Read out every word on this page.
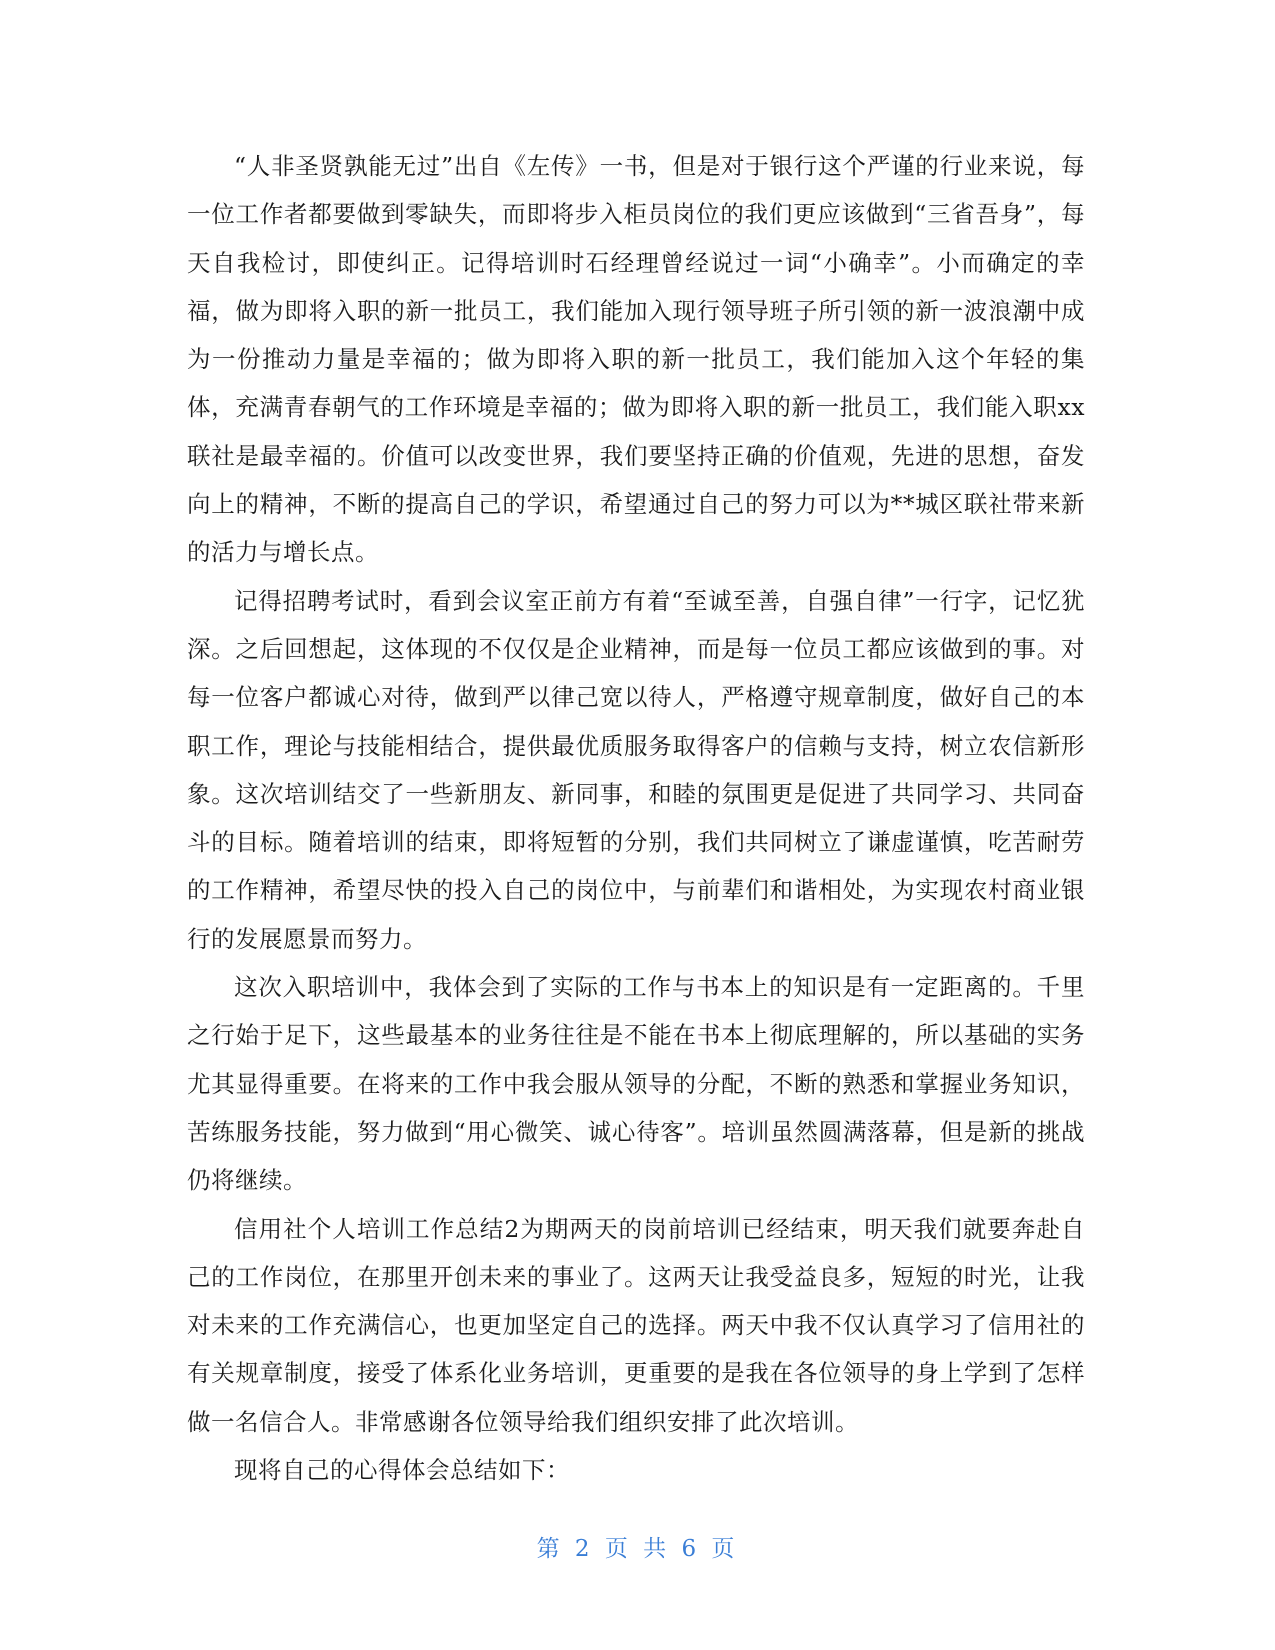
“人非圣贤孰能无过”出自《左传》一书，但是对于银行这个严谨的行业来说，每一位工作者都要做到零缺失，而即将步入柜员岗位的我们更应该做到“三省吾身”，每天自我检讨，即使纠正。记得培训时石经理曾经说过一词“小确幸”。小而确定的幸福，做为即将入职的新一批员工，我们能加入现行领导班子所引领的新一波浪潮中成为一份推动力量是幸福的；做为即将入职的新一批员工，我们能加入这个年轻的集体，充满青春朝气的工作环境是幸福的；做为即将入职的新一批员工，我们能入职xx联社是最幸福的。价值可以改变世界，我们要坚持正确的价值观，先进的思想，奋发向上的精神，不断的提高自己的学识，希望通过自己的努力可以为**城区联社带来新的活力与增长点。

记得招聘考试时，看到会议室正前方有着“至诚至善，自强自律”一行字，记忆犹深。之后回想起，这体现的不仅仅是企业精神，而是每一位员工都应该做到的事。对每一位客户都诚心对待，做到严以律己宽以待人，严格遵守规章制度，做好自己的本职工作，理论与技能相结合，提供最优质服务取得客户的信赖与支持，树立农信新形象。这次培训结交了一些新朋友、新同事，和睦的氛围更是促进了共同学习、共同奋斗的目标。随着培训的结束，即将短暂的分别，我们共同树立了谦虚谨慎，吃苦耐劳的工作精神，希望尽快的投入自己的岗位中，与前辈们和谐相处，为实现农村商业银行的发展愿景而努力。

这次入职培训中，我体会到了实际的工作与书本上的知识是有一定距离的。千里之行始于足下，这些最基本的业务往往是不能在书本上彻底理解的，所以基础的实务尤其显得重要。在将来的工作中我会服从领导的分配，不断的熟悉和掌握业务知识，苦练服务技能，努力做到“用心微笑、诚心待客”。培训虽然圆满落幕，但是新的挑战仍将继续。

信用社个人培训工作总结2为期两天的岗前培训已经结束，明天我们就要奔赴自己的工作岗位，在那里开创未来的事业了。这两天让我受益良多，短短的时光，让我对未来的工作充满信心，也更加坚定自己的选择。两天中我不仅认真学习了信用社的有关规章制度，接受了体系化业务培训，更重要的是我在各位领导的身上学到了怎样做一名信合人。非常感谢各位领导给我们组织安排了此次培训。

现将自己的心得体会总结如下：

第 2 页 共 6 页
